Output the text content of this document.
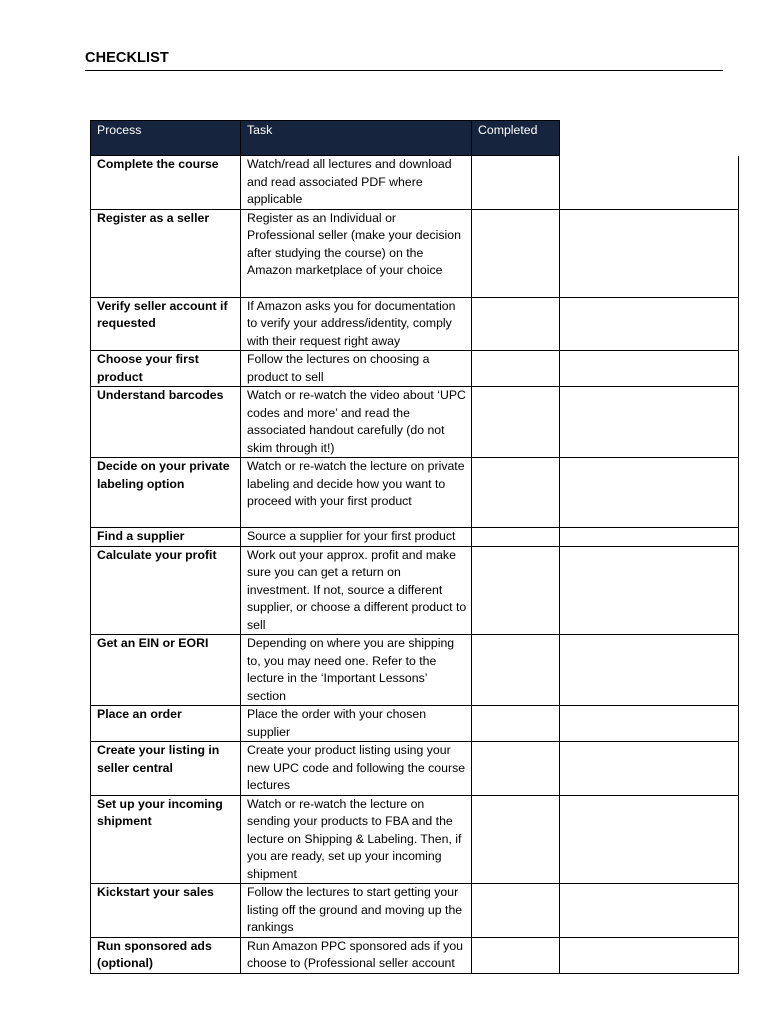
CHECKLIST
Process	Task	Completed	
Complete the course	Watch/read all lectures and download and read associated PDF where applicable		
Register as a seller	Register as an Individual or Professional seller (make your decision after studying the course) on the Amazon marketplace of your choice		
Verify seller account if requested	If Amazon asks you for documentation to verify your address/identity, comply with their request right away		
Choose your first product	Follow the lectures on choosing a product to sell		
Understand barcodes	Watch or re-watch the video about ‘UPC codes and more’ and read the associated handout carefully (do not skim through it!)		
Decide on your private labeling option	Watch or re-watch the lecture on private labeling and decide how you want to proceed with your first product		
Find a supplier	Source a supplier for your first product		
Calculate your profit	Work out your approx. profit and make sure you can get a return on investment. If not, source a different supplier, or choose a different product to sell		
Get an EIN or EORI	Depending on where you are shipping to, you may need one. Refer to the lecture in the ‘Important Lessons’ section		
Place an order	Place the order with your chosen supplier		
Create your listing in seller central	Create your product listing using your new UPC code and following the course lectures		
Set up your incoming shipment	Watch or re-watch the lecture on sending your products to FBA and the lecture on Shipping & Labeling. Then, if you are ready, set up your incoming shipment		
Kickstart your sales	Follow the lectures to start getting your listing off the ground and moving up the rankings		
Run sponsored ads (optional)	Run Amazon PPC sponsored ads if you choose to (Professional seller account		
